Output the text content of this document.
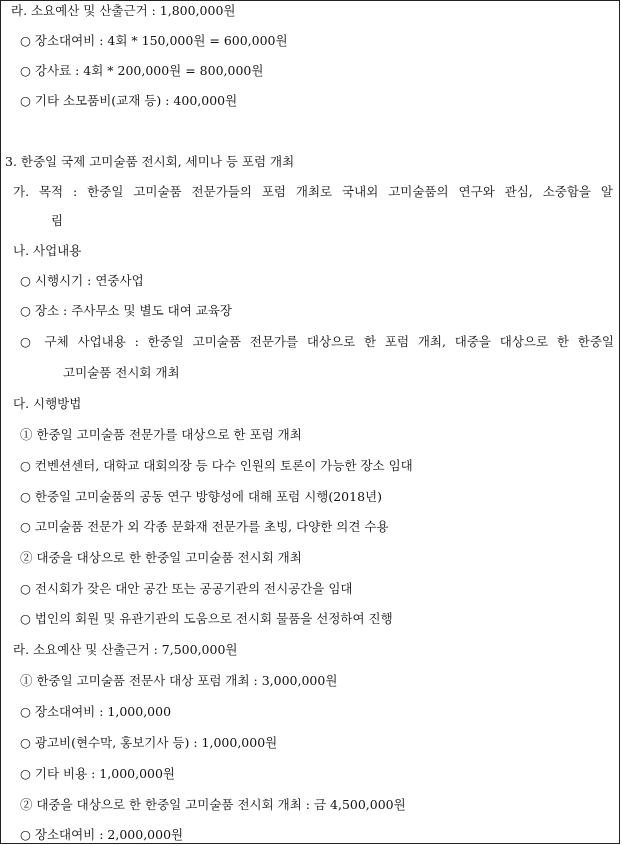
라. 소요예산 및 산출근거 : 1,800,000원
○ 장소대여비 : 4회 * 150,000원 = 600,000원
○ 강사료 : 4회 * 200,000원 = 800,000원
○ 기타 소모품비(교재 등) : 400,000원
3. 한중일 국제 고미술품 전시회, 세미나 등 포럼 개최
가. 목적 : 한중일 고미술품 전문가들의 포럼 개최로 국내외 고미술품의 연구와 관심, 소중함을 알
림
나. 사업내용
○ 시행시기 : 연중사업
○ 장소 : 주사무소 및 별도 대여 교육장
○ 구체 사업내용 : 한중일 고미술품 전문가를 대상으로 한 포럼 개최, 대중을 대상으로 한 한중일
고미술품 전시회 개최
다. 시행방법
① 한중일 고미술품 전문가를 대상으로 한 포럼 개최
○ 컨벤션센터, 대학교 대회의장 등 다수 인원의 토론이 가능한 장소 임대
○ 한중일 고미술품의 공동 연구 방향성에 대해 포럼 시행(2018년)
○ 고미술품 전문가 외 각종 문화재 전문가를 초빙, 다양한 의견 수용
② 대중을 대상으로 한 한중일 고미술품 전시회 개최
○ 전시회가 잦은 대안 공간 또는 공공기관의 전시공간을 임대
○ 법인의 회원 및 유관기관의 도움으로 전시회 물품을 선정하여 진행
라. 소요예산 및 산출근거 : 7,500,000원
① 한중일 고미술품 전문사 대상 포럼 개최 : 3,000,000원
○ 장소대여비 : 1,000,000
○ 광고비(현수막, 홍보기사 등) : 1,000,000원
○ 기타 비용 : 1,000,000원
② 대중을 대상으로 한 한중일 고미술품 전시회 개최 : 금 4,500,000원
○ 장소대여비 : 2,000,000원
